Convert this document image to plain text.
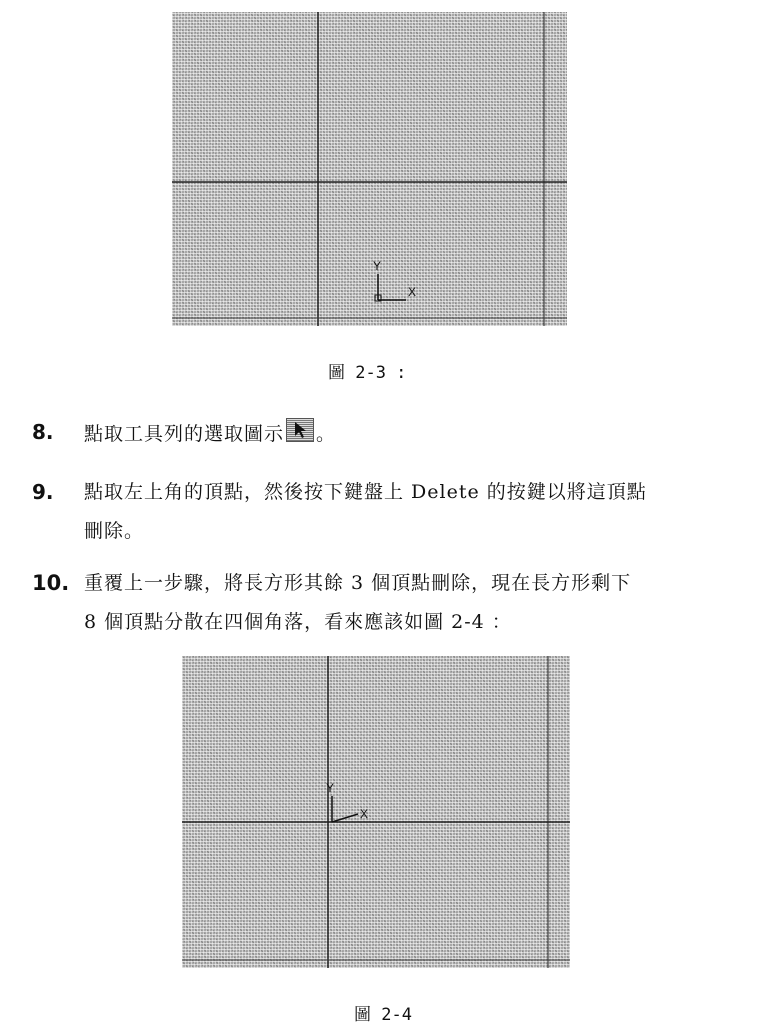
Y
X
圖 2-3 :
8. 點取工具列的選取圖示 。
9. 點取左上角的頂點，然後按下鍵盤上 Delete 的按鍵以將這頂點
刪除。
10. 重覆上一步驟，將長方形其餘 3 個頂點刪除，現在長方形剩下
8 個頂點分散在四個角落，看來應該如圖 2-4 ：
Y
X
圖 2-4
